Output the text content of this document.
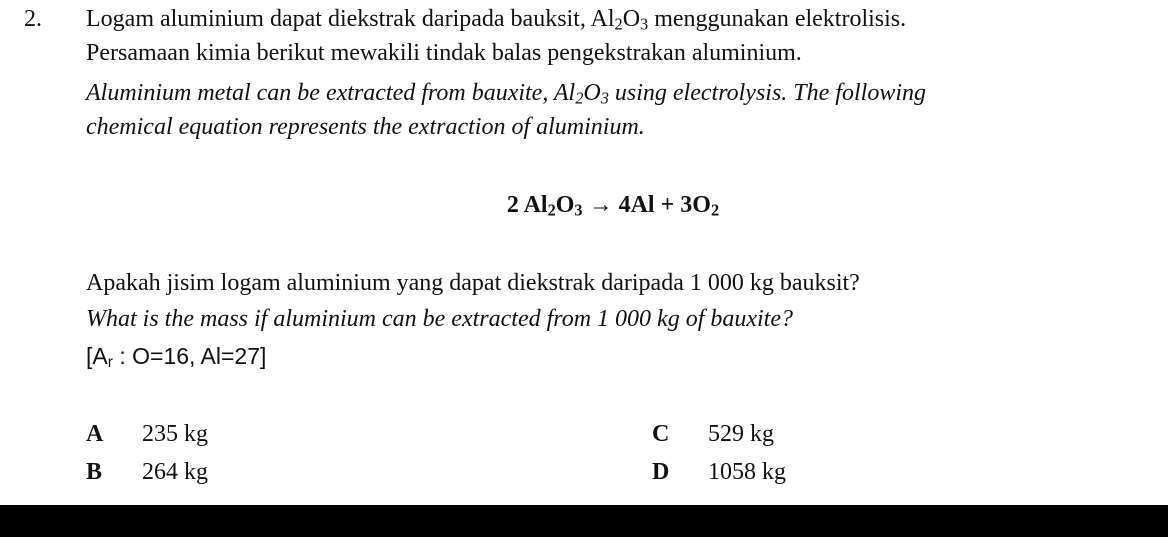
2. Logam aluminium dapat diekstrak daripada bauksit, $Al_2O_3$ menggunakan elektrolisis.
Persamaan kimia berikut mewakili tindak balas pengekstrakan aluminium.
Aluminium metal can be extracted from bauxite, $Al_2O_3$ using electrolysis. The following
chemical equation represents the extraction of aluminium.
2 $Al_2O_3 \to 4Al + 3O_2$
Apakah jisim logam aluminium yang dapat diekstrak daripada 1 000 kg bauksit?
What is the mass if aluminium can be extracted from 1 000 kg of bauxite?
[$A_r$ : O=16, Al=27]
A 235 kg
B 264 kg
C 529 kg
D 1058 kg
